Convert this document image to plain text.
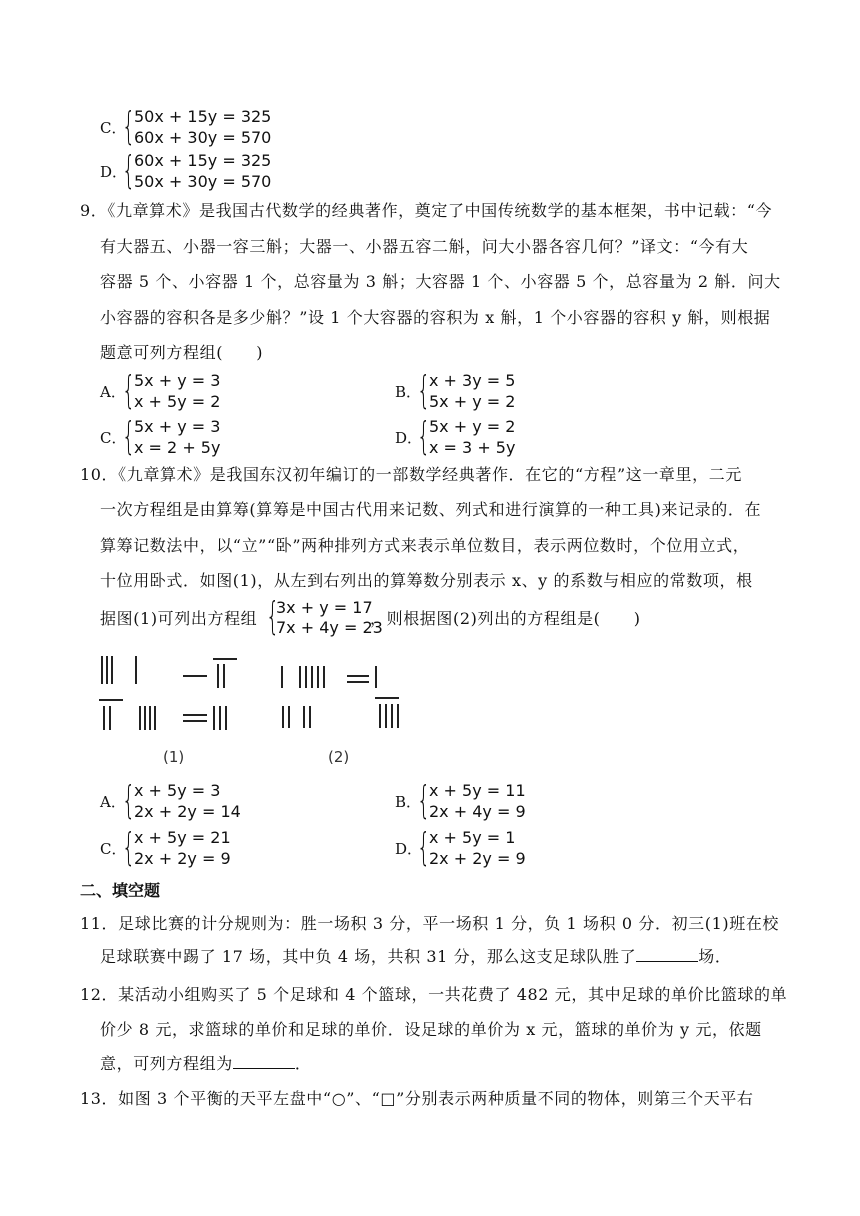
C．
{
50x + 15y = 325
60x + 30y = 570
D．
{
60x + 15y = 325
50x + 30y = 570
9．《九章算术》是我国古代数学的经典著作，奠定了中国传统数学的基本框架，书中记载：“今
有大器五、小器一容三斛；大器一、小器五容二斛，问大小器各容几何？”译文：“今有大
容器 5 个、小容器 1 个，总容量为 3 斛；大容器 1 个、小容器 5 个，总容量为 2 斛．问大
小容器的容积各是多少斛？”设 1 个大容器的容积为 x 斛，1 个小容器的容积 y 斛，则根据
题意可列方程组(　　)
A．
{
5x + y = 3
x + 5y = 2	B．
{
x + 3y = 5
5x + y = 2
C．
{
5x + y = 3
x = 2 + 5y	D．
{
5x + y = 2
x = 3 + 5y
10．《九章算术》是我国东汉初年编订的一部数学经典著作．在它的“方程”这一章里，二元
一次方程组是由算筹(算筹是中国古代用来记数、列式和进行演算的一种工具)来记录的．在
算筹记数法中，以“立”“卧”两种排列方式来表示单位数目，表示两位数时，个位用立式，
十位用卧式．如图(1)，从左到右列出的算筹数分别表示 x、y 的系数与相应的常数项，根
据图(1)可列出方程组 {
3x + y = 17
7x + 4y = 23
，则根据图(2)列出的方程组是(　　)
(1)	(2)
A．
{
x + 5y = 3
2x + 2y = 14	B．
{
x + 5y = 11
2x + 4y = 9
C．
{
x + 5y = 21
2x + 2y = 9	D．
{
x + 5y = 1
2x + 2y = 9
二、填空题
11．足球比赛的计分规则为：胜一场积 3 分，平一场积 1 分，负 1 场积 0 分．初三(1)班在校
足球联赛中踢了 17 场，其中负 4 场，共积 31 分，那么这支足球队胜了	场．
12．某活动小组购买了 5 个足球和 4 个篮球，一共花费了 482 元，其中足球的单价比篮球的单
价少 8 元，求篮球的单价和足球的单价．设足球的单价为 x 元，篮球的单价为 y 元，依题
意，可列方程组为	．
13．如图 3 个平衡的天平左盘中“○”、“□”分别表示两种质量不同的物体，则第三个天平右
